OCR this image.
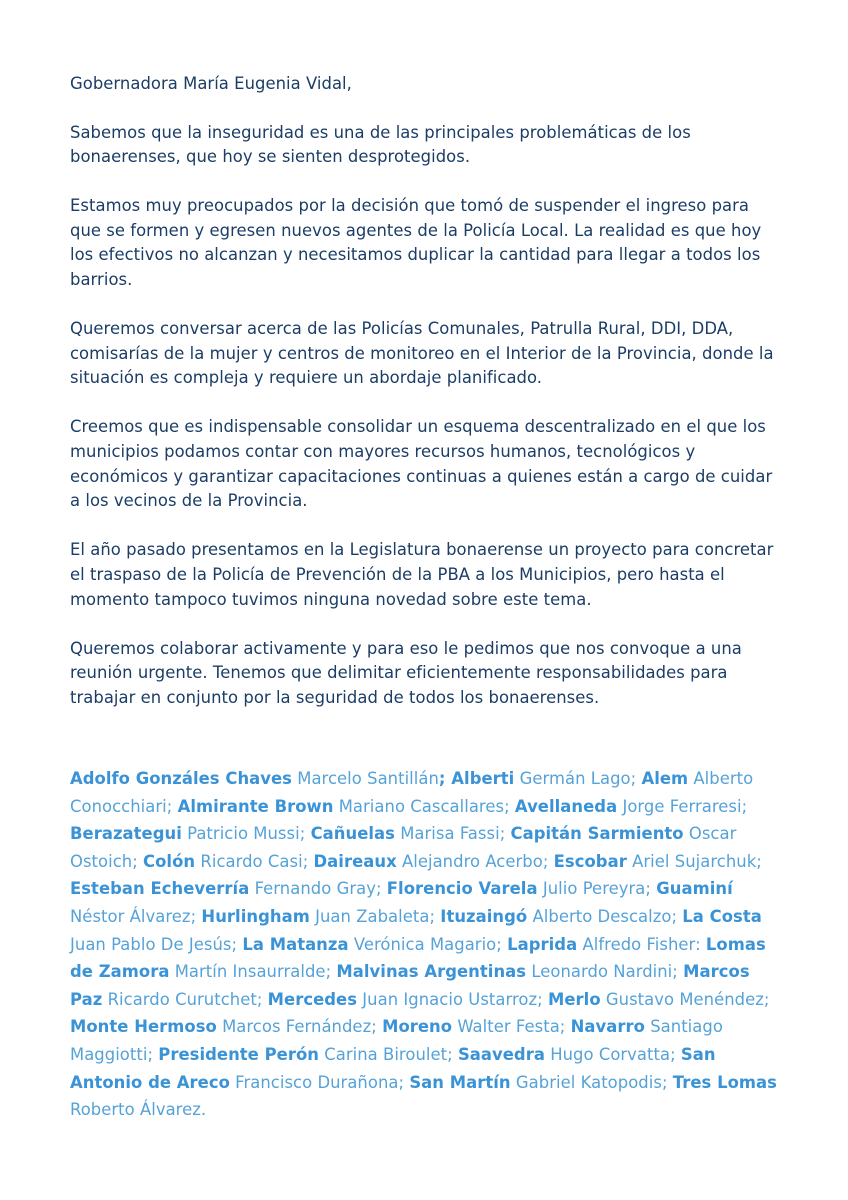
Gobernadora María Eugenia Vidal,

Sabemos que la inseguridad es una de las principales problemáticas de los bonaerenses, que hoy se sienten desprotegidos.

Estamos muy preocupados por la decisión que tomó de suspender el ingreso para que se formen y egresen nuevos agentes de la Policía Local. La realidad es que hoy los efectivos no alcanzan y necesitamos duplicar la cantidad para llegar a todos los barrios.

Queremos conversar acerca de las Policías Comunales, Patrulla Rural, DDI, DDA, comisarías de la mujer y centros de monitoreo en el Interior de la Provincia, donde la situación es compleja y requiere un abordaje planificado.

Creemos que es indispensable consolidar un esquema descentralizado en el que los municipios podamos contar con mayores recursos humanos, tecnológicos y económicos y garantizar capacitaciones continuas a quienes están a cargo de cuidar a los vecinos de la Provincia.

El año pasado presentamos en la Legislatura bonaerense un proyecto para concretar el traspaso de la Policía de Prevención de la PBA a los Municipios, pero hasta el momento tampoco tuvimos ninguna novedad sobre este tema.

Queremos colaborar activamente y para eso le pedimos que nos convoque a una reunión urgente. Tenemos que delimitar eficientemente responsabilidades para trabajar en conjunto por la seguridad de todos los bonaerenses.

Adolfo Gonzáles Chaves Marcelo Santillán; Alberti Germán Lago; Alem Alberto Conocchiari; Almirante Brown Mariano Cascallares; Avellaneda Jorge Ferraresi; Berazategui Patricio Mussi; Cañuelas Marisa Fassi; Capitán Sarmiento Oscar Ostoich; Colón Ricardo Casi; Daireaux Alejandro Acerbo; Escobar Ariel Sujarchuk; Esteban Echeverría Fernando Gray; Florencio Varela Julio Pereyra; Guaminí Néstor Álvarez; Hurlingham Juan Zabaleta; Ituzaingó Alberto Descalzo; La Costa Juan Pablo De Jesús; La Matanza Verónica Magario; Laprida Alfredo Fisher: Lomas de Zamora Martín Insaurralde; Malvinas Argentinas Leonardo Nardini; Marcos Paz Ricardo Curutchet; Mercedes Juan Ignacio Ustarroz; Merlo Gustavo Menéndez; Monte Hermoso Marcos Fernández; Moreno Walter Festa; Navarro Santiago Maggiotti; Presidente Perón Carina Biroulet; Saavedra Hugo Corvatta; San Antonio de Areco Francisco Durañona; San Martín Gabriel Katopodis; Tres Lomas Roberto Álvarez.
